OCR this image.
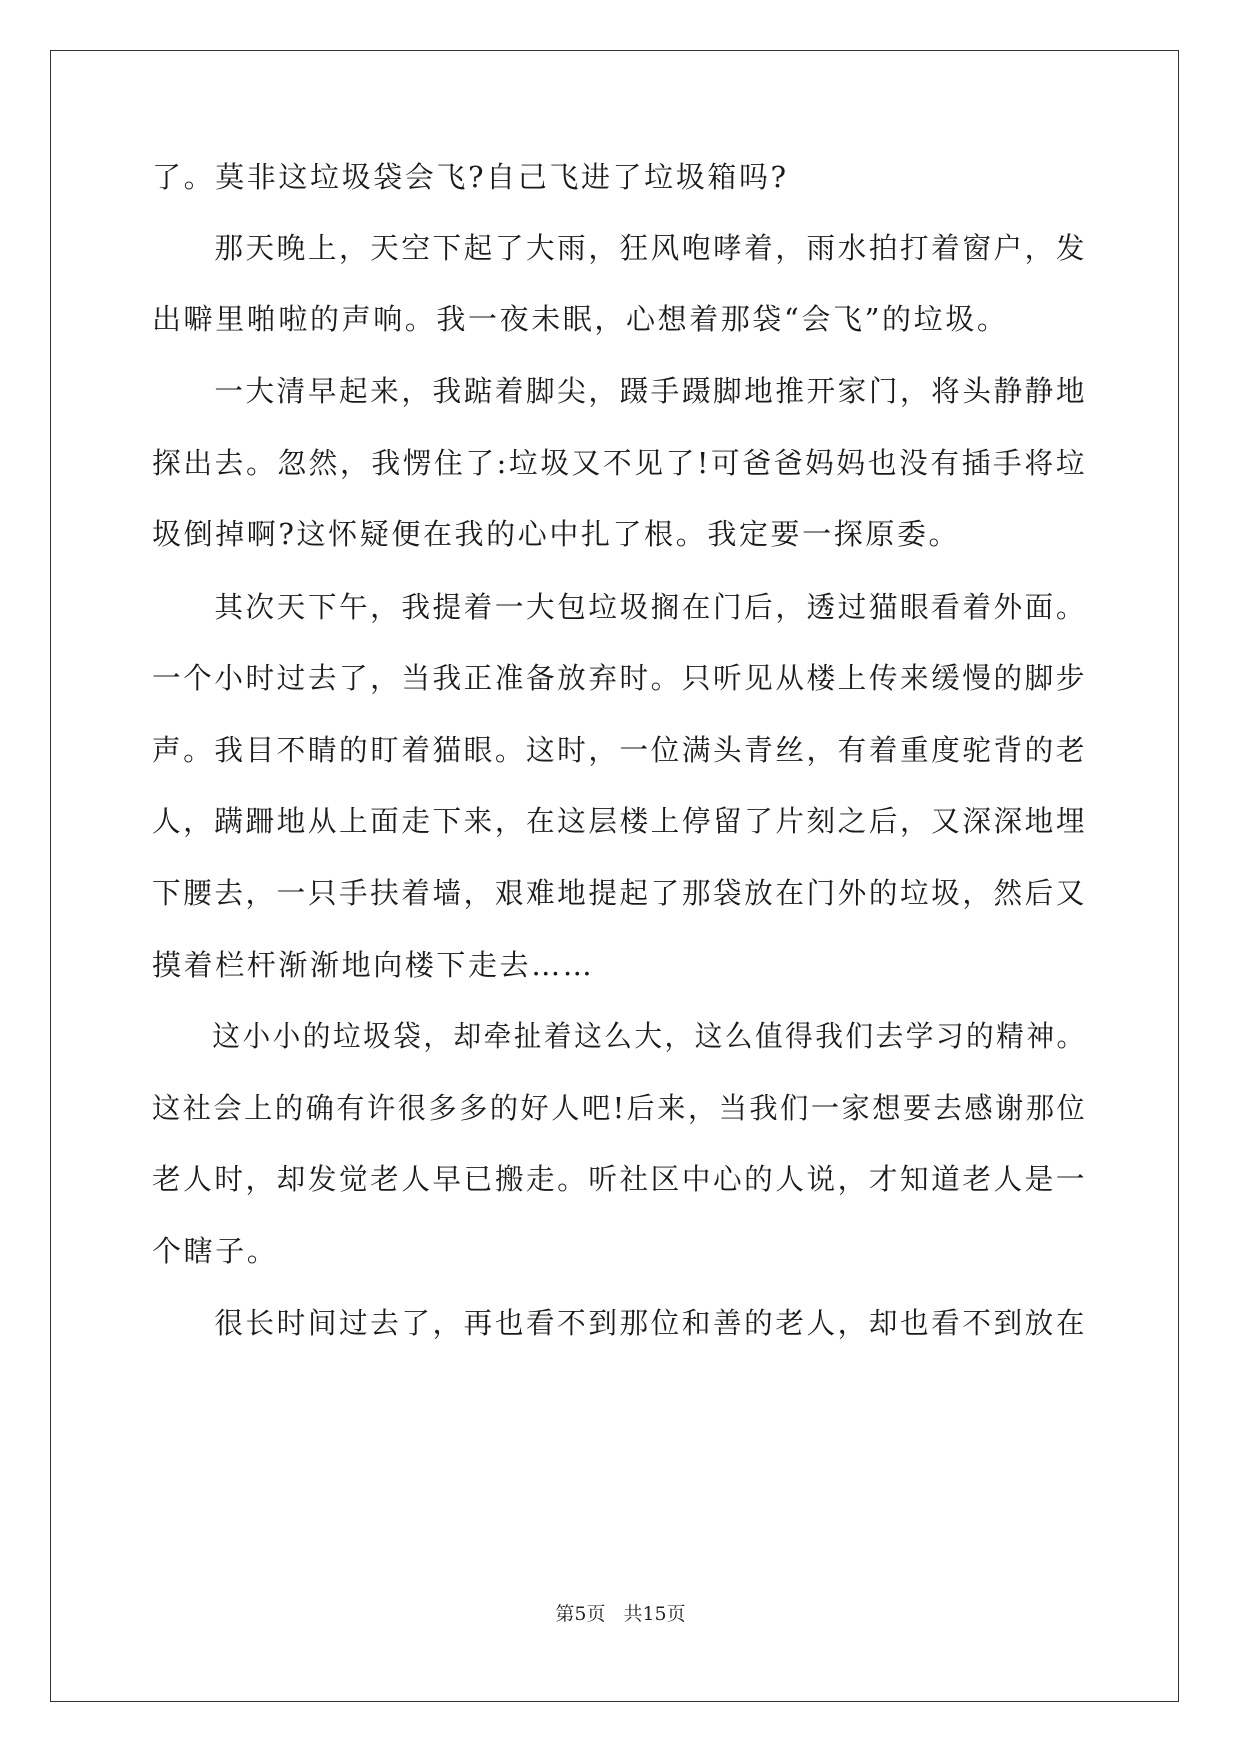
了。莫非这垃圾袋会飞?自己飞进了垃圾箱吗?
　　那天晚上，天空下起了大雨，狂风咆哮着，雨水拍打着窗户，发
出噼里啪啦的声响。我一夜未眠，心想着那袋“会飞”的垃圾。
　　一大清早起来，我踮着脚尖，蹑手蹑脚地推开家门，将头静静地
探出去。忽然，我愣住了:垃圾又不见了!可爸爸妈妈也没有插手将垃
圾倒掉啊?这怀疑便在我的心中扎了根。我定要一探原委。
　　其次天下午，我提着一大包垃圾搁在门后，透过猫眼看着外面。
一个小时过去了，当我正准备放弃时。只听见从楼上传来缓慢的脚步
声。我目不睛的盯着猫眼。这时，一位满头青丝，有着重度驼背的老
人，蹒跚地从上面走下来，在这层楼上停留了片刻之后，又深深地埋
下腰去，一只手扶着墙，艰难地提起了那袋放在门外的垃圾，然后又
摸着栏杆渐渐地向楼下走去……
　　这小小的垃圾袋，却牵扯着这么大，这么值得我们去学习的精神。
这社会上的确有许很多多的好人吧!后来，当我们一家想要去感谢那位
老人时，却发觉老人早已搬走。听社区中心的人说，才知道老人是一
个瞎子。
　　很长时间过去了，再也看不到那位和善的老人，却也看不到放在
第5页 共15页
